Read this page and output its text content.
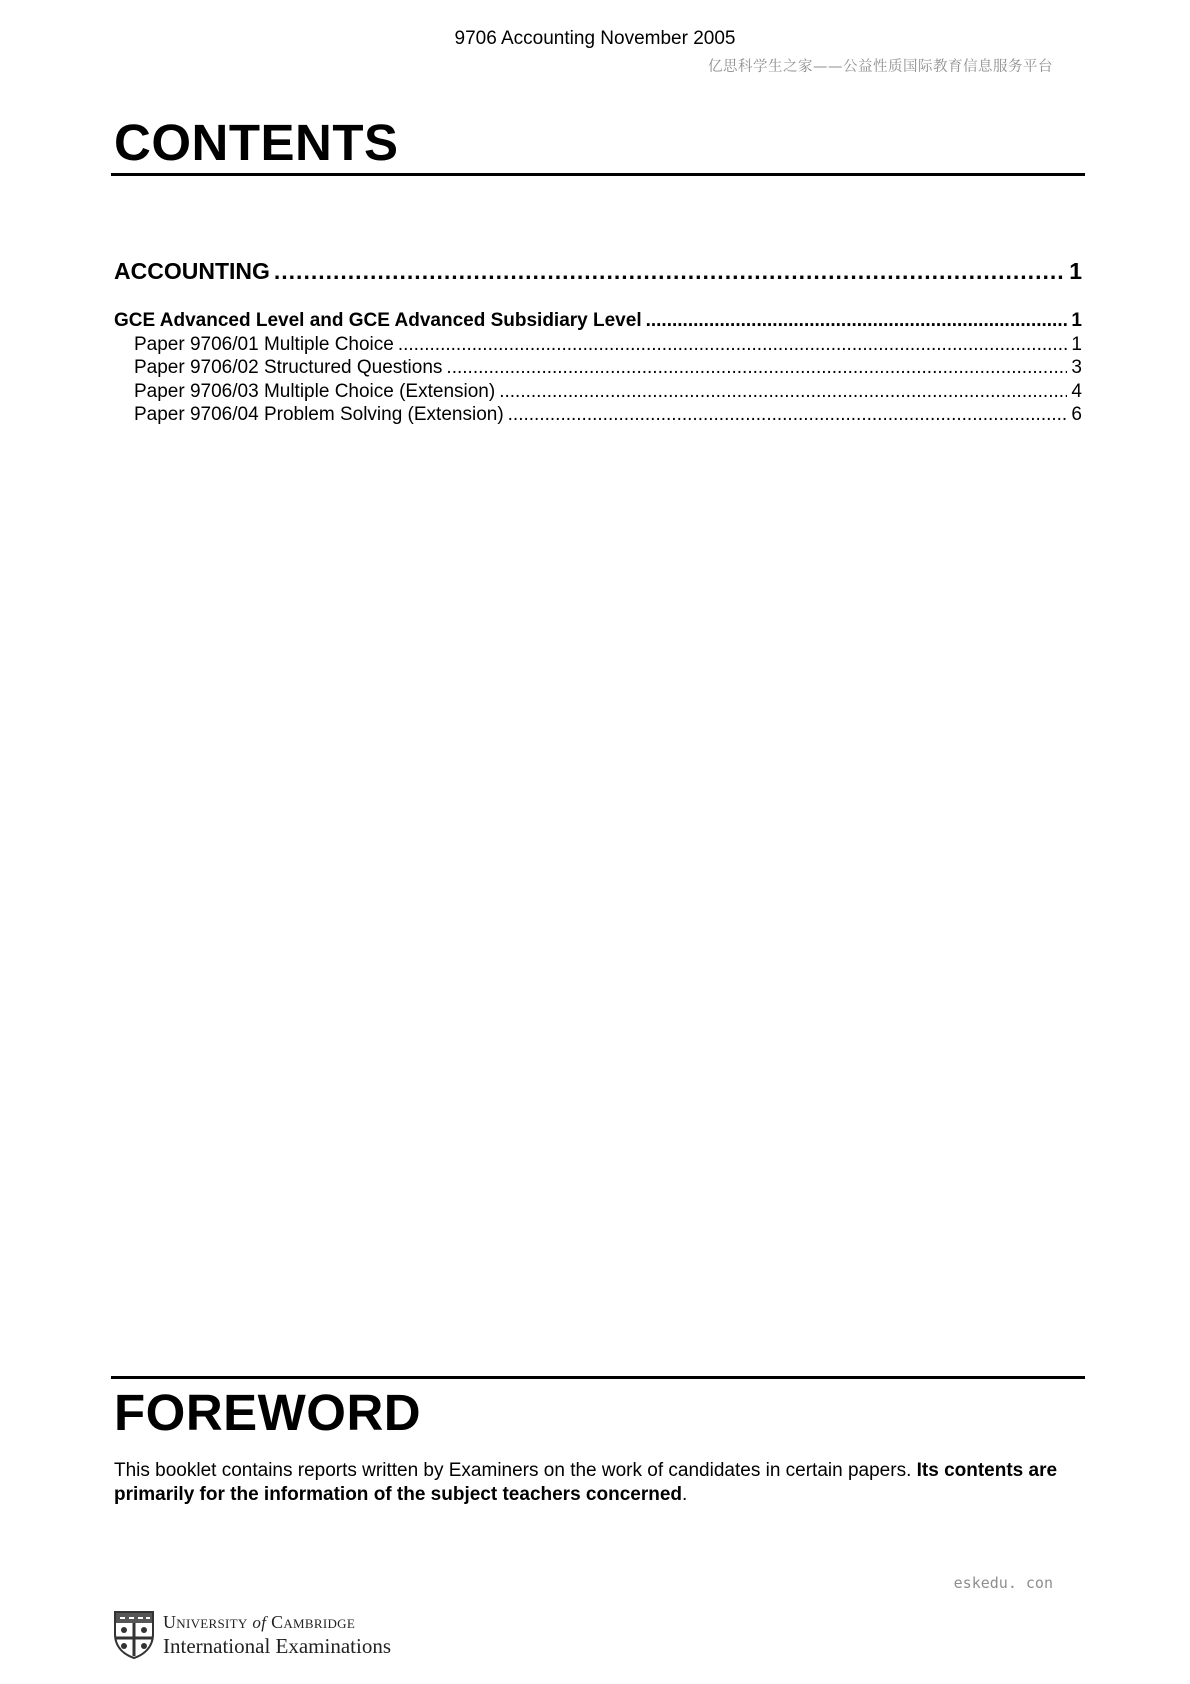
9706 Accounting November 2005
亿思科学生之家——公益性质国际教育信息服务平台
CONTENTS
ACCOUNTING .....	1
GCE Advanced Level and GCE Advanced Subsidiary Level .....	1
Paper 9706/01 Multiple Choice .....	1
Paper 9706/02 Structured Questions .....	3
Paper 9706/03 Multiple Choice (Extension) .....	4
Paper 9706/04 Problem Solving (Extension) .....	6
FOREWORD
This booklet contains reports written by Examiners on the work of candidates in certain papers. Its contents are primarily for the information of the subject teachers concerned.
eskedu. con
University of Cambridge
International Examinations
